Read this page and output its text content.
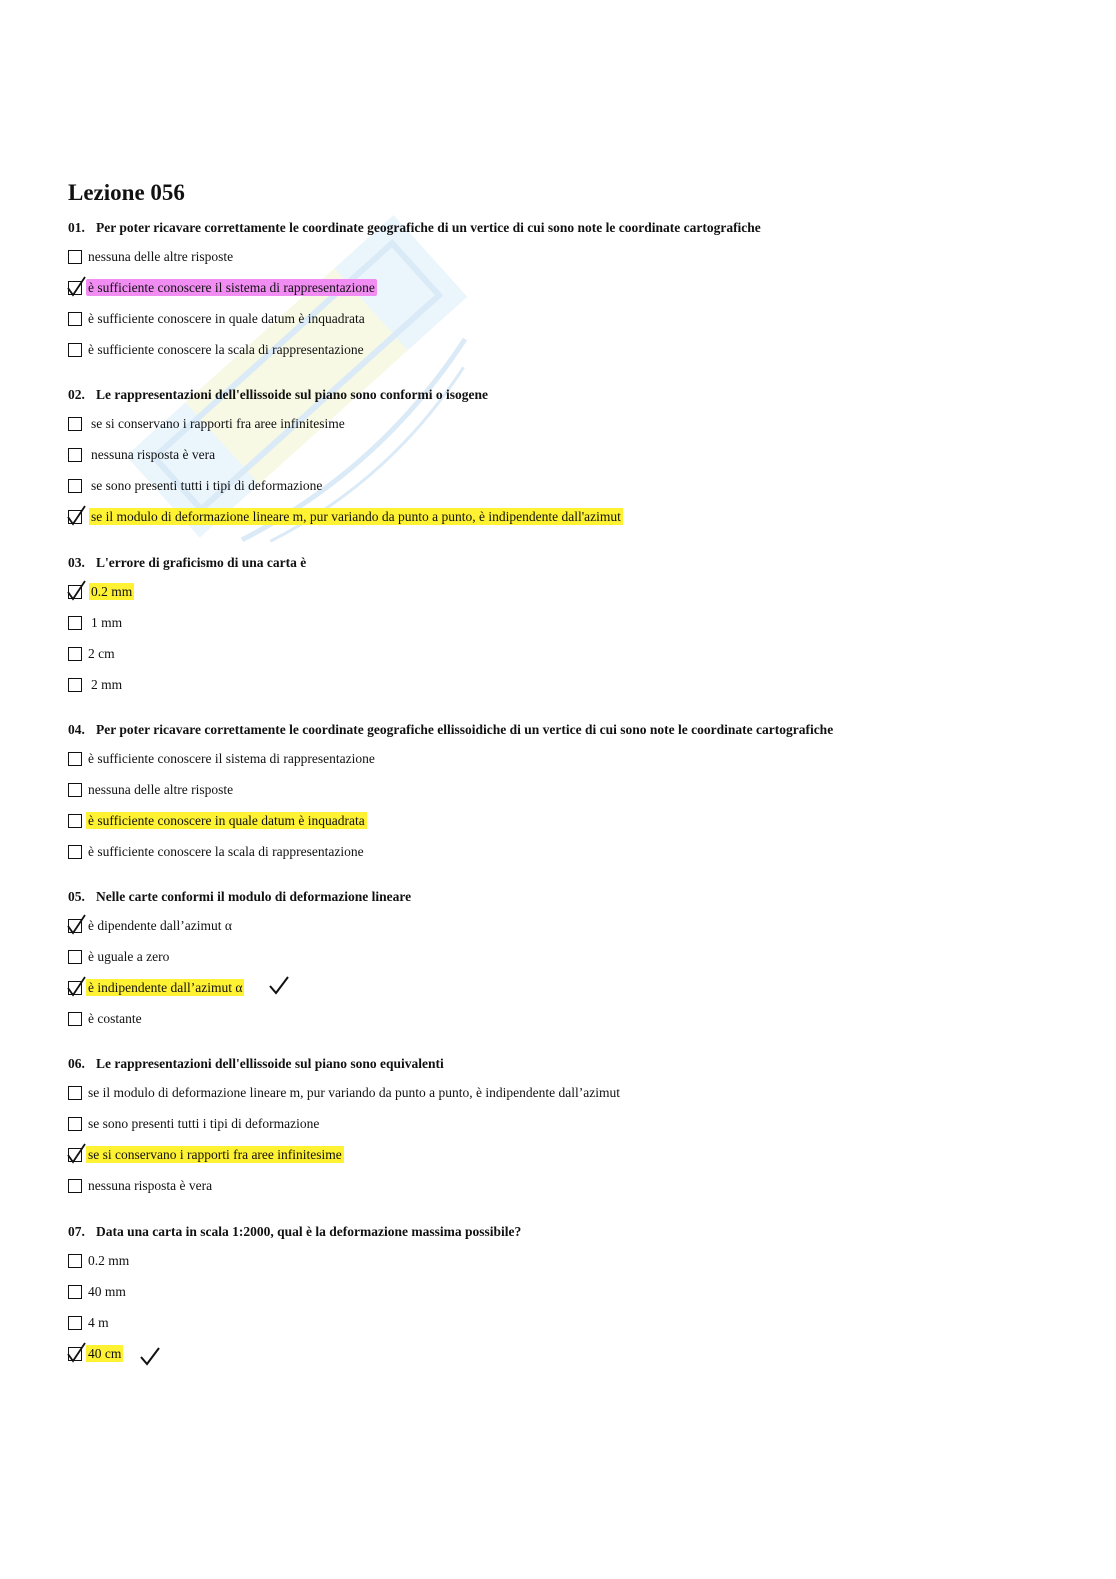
Lezione 056
01. Per poter ricavare correttamente le coordinate geografiche di un vertice di cui sono note le coordinate cartografiche
nessuna delle altre risposte
è sufficiente conoscere il sistema di rappresentazione
è sufficiente conoscere in quale datum è inquadrata
è sufficiente conoscere la scala di rappresentazione
02. Le rappresentazioni dell'ellissoide sul piano sono conformi o isogene
se si conservano i rapporti fra aree infinitesime
nessuna risposta è vera
se sono presenti tutti i tipi di deformazione
se il modulo di deformazione lineare m, pur variando da punto a punto, è indipendente dall'azimut
03. L'errore di graficismo di una carta è
0.2 mm
1 mm
2 cm
2 mm
04. Per poter ricavare correttamente le coordinate geografiche ellissoidiche di un vertice di cui sono note le coordinate cartografiche
è sufficiente conoscere il sistema di rappresentazione
nessuna delle altre risposte
è sufficiente conoscere in quale datum è inquadrata
è sufficiente conoscere la scala di rappresentazione
05. Nelle carte conformi il modulo di deformazione lineare
è dipendente dall’azimut α
è uguale a zero
è indipendente dall’azimut α
è costante
06. Le rappresentazioni dell'ellissoide sul piano sono equivalenti
se il modulo di deformazione lineare m, pur variando da punto a punto, è indipendente dall’azimut
se sono presenti tutti i tipi di deformazione
se si conservano i rapporti fra aree infinitesime
nessuna risposta è vera
07. Data una carta in scala 1:2000, qual è la deformazione massima possibile?
0.2 mm
40 mm
4 m
40 cm
